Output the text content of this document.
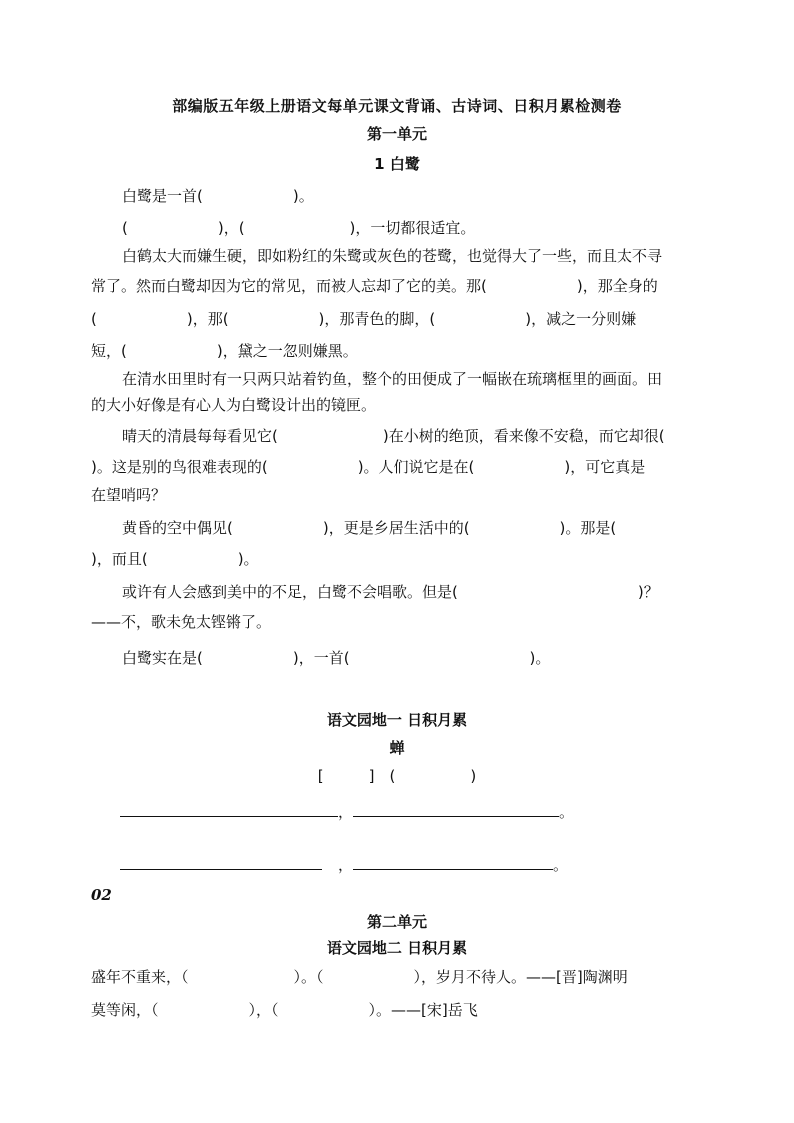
部编版五年级上册语文每单元课文背诵、古诗词、日积月累检测卷
第一单元
1 白鹭
白鹭是一首(　　　　　　)。
(　　　　　　)，(　　　　　　　)，一切都很适宜。
白鹤太大而嫌生硬，即如粉红的朱鹭或灰色的苍鹭，也觉得大了一些，而且太不寻
常了。然而白鹭却因为它的常见，而被人忘却了它的美。那(　　　　　　)，那全身的
(　　　　　　)，那(　　　　　　)，那青色的脚，(　　　　　　)，减之一分则嫌
短，(　　　　　　)，黛之一忽则嫌黑。
在清水田里时有一只两只站着钓鱼，整个的田便成了一幅嵌在琉璃框里的画面。田
的大小好像是有心人为白鹭设计出的镜匣。
晴天的清晨每每看见它(　　　　　　　)在小树的绝顶，看来像不安稳，而它却很(
)。这是别的鸟很难表现的(　　　　　　)。人们说它是在(　　　　　　)，可它真是
在望哨吗？
黄昏的空中偶见(　　　　　　)，更是乡居生活中的(　　　　　　)。那是(
)，而且(　　　　　　)。
或许有人会感到美中的不足，白鹭不会唱歌。但是(　　　　　　　　　　　　)？
——不，歌未免太铿锵了。
白鹭实在是(　　　　　　)，一首(　　　　　　　　　　　　)。
语文园地一 日积月累
蝉
[　　　]　(　　　　　)
，	。
，	。
02
第二单元
语文园地二 日积月累
盛年不重来，（　　　　　　　）。（　　　　　　），岁月不待人。——[晋]陶渊明
莫等闲，（　　　　　　），（　　　　　　）。——[宋]岳飞
